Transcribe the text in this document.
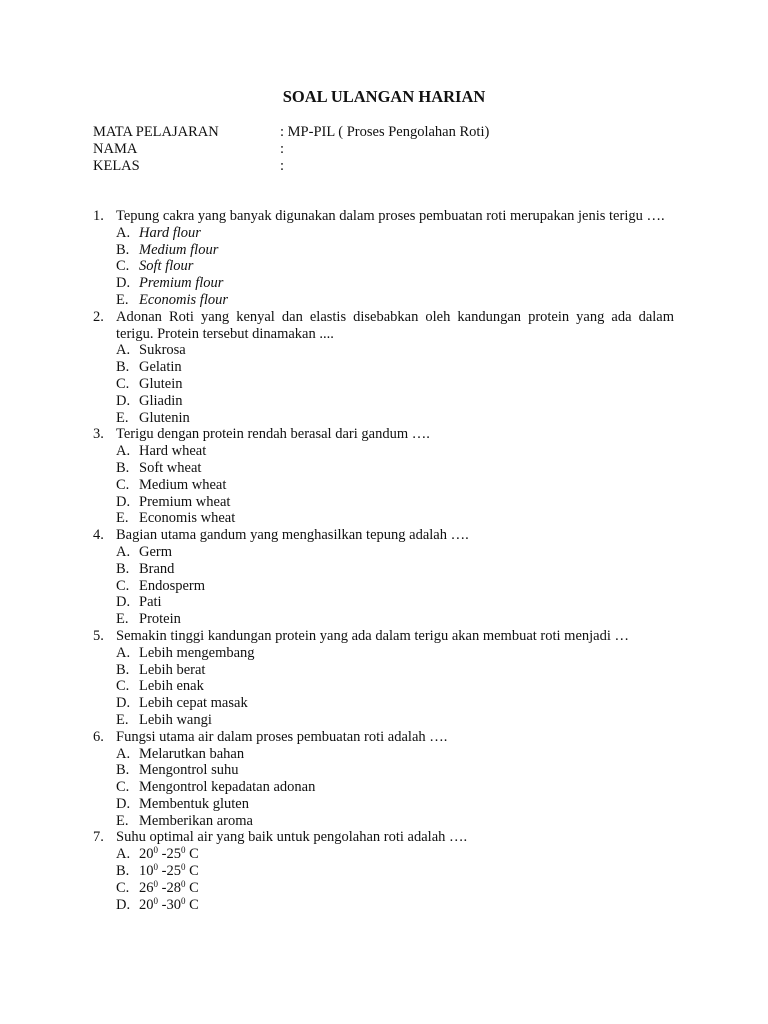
SOAL ULANGAN HARIAN
MATA PELAJARAN	: MP-PIL ( Proses Pengolahan Roti)
NAMA	:
KELAS	:
1. Tepung cakra yang banyak digunakan dalam proses pembuatan roti merupakan jenis terigu ….
A. Hard flour
B. Medium flour
C. Soft flour
D. Premium flour
E. Economis flour
2. Adonan Roti yang kenyal dan elastis disebabkan oleh kandungan protein yang ada dalam terigu. Protein tersebut dinamakan ....
A. Sukrosa
B. Gelatin
C. Glutein
D. Gliadin
E. Glutenin
3. Terigu dengan protein rendah berasal dari gandum ….
A. Hard wheat
B. Soft wheat
C. Medium wheat
D. Premium wheat
E. Economis wheat
4. Bagian utama gandum yang menghasilkan tepung adalah ….
A. Germ
B. Brand
C. Endosperm
D. Pati
E. Protein
5. Semakin tinggi kandungan protein yang ada dalam terigu akan membuat roti menjadi …
A. Lebih mengembang
B. Lebih berat
C. Lebih enak
D. Lebih cepat masak
E. Lebih wangi
6. Fungsi utama air dalam proses pembuatan roti adalah ….
A. Melarutkan bahan
B. Mengontrol suhu
C. Mengontrol kepadatan adonan
D. Membentuk gluten
E. Memberikan aroma
7. Suhu optimal air yang baik untuk pengolahan roti adalah ….
A. $20^0$ $-25^0$ C
B. $10^0$ $-25^0$ C
C. $26^0$ $-28^0$ C
D. $20^0$ $-30^0$ C
